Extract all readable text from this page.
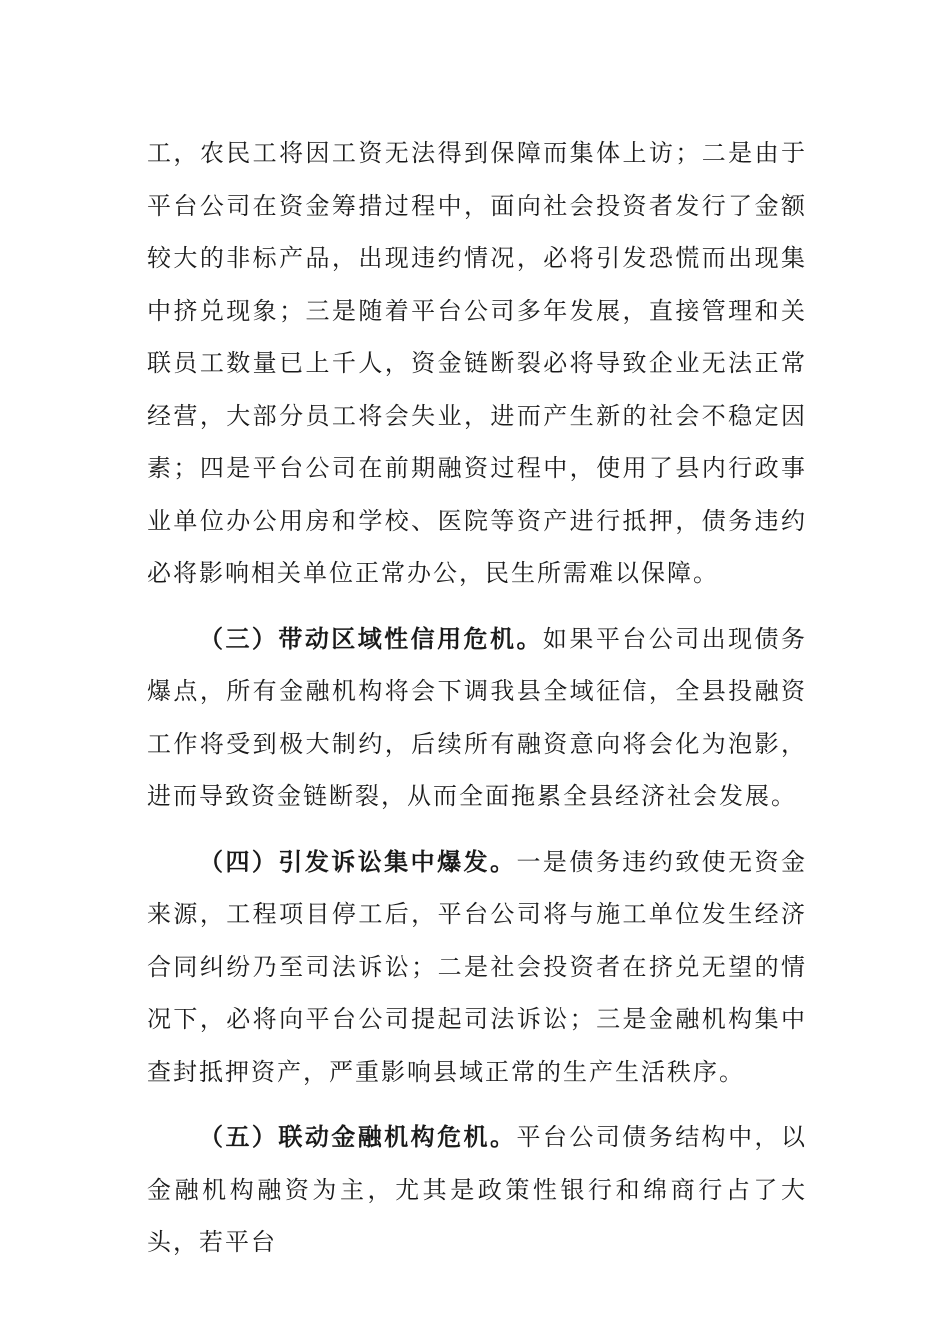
工，农民工将因工资无法得到保障而集体上访；二是由于平台公司在资金筹措过程中，面向社会投资者发行了金额较大的非标产品，出现违约情况，必将引发恐慌而出现集中挤兑现象；三是随着平台公司多年发展，直接管理和关联员工数量已上千人，资金链断裂必将导致企业无法正常经营，大部分员工将会失业，进而产生新的社会不稳定因素；四是平台公司在前期融资过程中，使用了县内行政事业单位办公用房和学校、医院等资产进行抵押，债务违约必将影响相关单位正常办公，民生所需难以保障。

（三）带动区域性信用危机。如果平台公司出现债务爆点，所有金融机构将会下调我县全域征信，全县投融资工作将受到极大制约，后续所有融资意向将会化为泡影，进而导致资金链断裂，从而全面拖累全县经济社会发展。

（四）引发诉讼集中爆发。一是债务违约致使无资金来源，工程项目停工后，平台公司将与施工单位发生经济合同纠纷乃至司法诉讼；二是社会投资者在挤兑无望的情况下，必将向平台公司提起司法诉讼；三是金融机构集中查封抵押资产，严重影响县域正常的生产生活秩序。

（五）联动金融机构危机。平台公司债务结构中，以金融机构融资为主，尤其是政策性银行和绵商行占了大头，若平台
